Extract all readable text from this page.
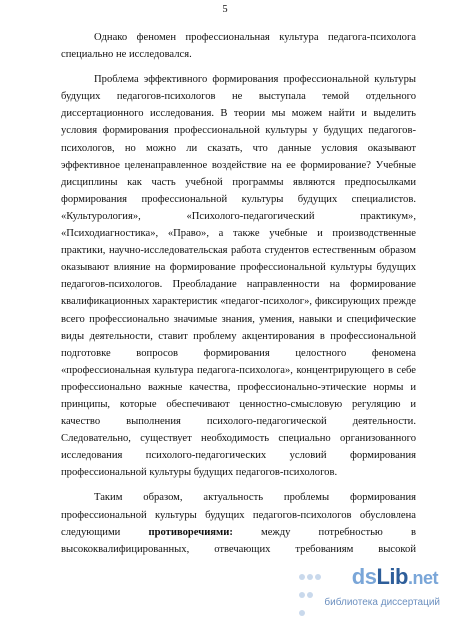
5

Однако феномен профессиональная культура педагога-психолога специально не исследовался.

Проблема эффективного формирования профессиональной культуры будущих педагогов-психологов не выступала темой отдельного диссертационного исследования. В теории мы можем найти и выделить условия формирования профессиональной культуры у будущих педагогов-психологов, но можно ли сказать, что данные условия оказывают эффективное целенаправленное воздействие на ее формирование? Учебные дисциплины как часть учебной программы являются предпосылками формирования профессиональной культуры будущих специалистов. «Культурология», «Психолого-педагогический практикум», «Психодиагностика», «Право», а также учебные и производственные практики, научно-исследовательская работа студентов естественным образом оказывают влияние на формирование профессиональной культуры будущих педагогов-психологов. Преобладание направленности на формирование квалификационных характеристик «педагог-психолог», фиксирующих прежде всего профессионально значимые знания, умения, навыки и специфические виды деятельности, ставит проблему акцентирования в профессиональной подготовке вопросов формирования целостного феномена «профессиональная культура педагога-психолога», концентрирующего в себе профессионально важные качества, профессионально-этические нормы и принципы, которые обеспечивают ценностно-смысловую регуляцию и качество выполнения психолого-педагогической деятельности. Следовательно, существует необходимость специально организованного исследования психолого-педагогических условий формирования профессиональной культуры будущих педагогов-психологов.

Таким образом, актуальность проблемы формирования профессиональной культуры будущих педагогов-психологов обусловлена следующими противоречиями: между потребностью в высококвалифицированных, отвечающих требованиям высокой

dsLib.net
библиотека диссертаций
